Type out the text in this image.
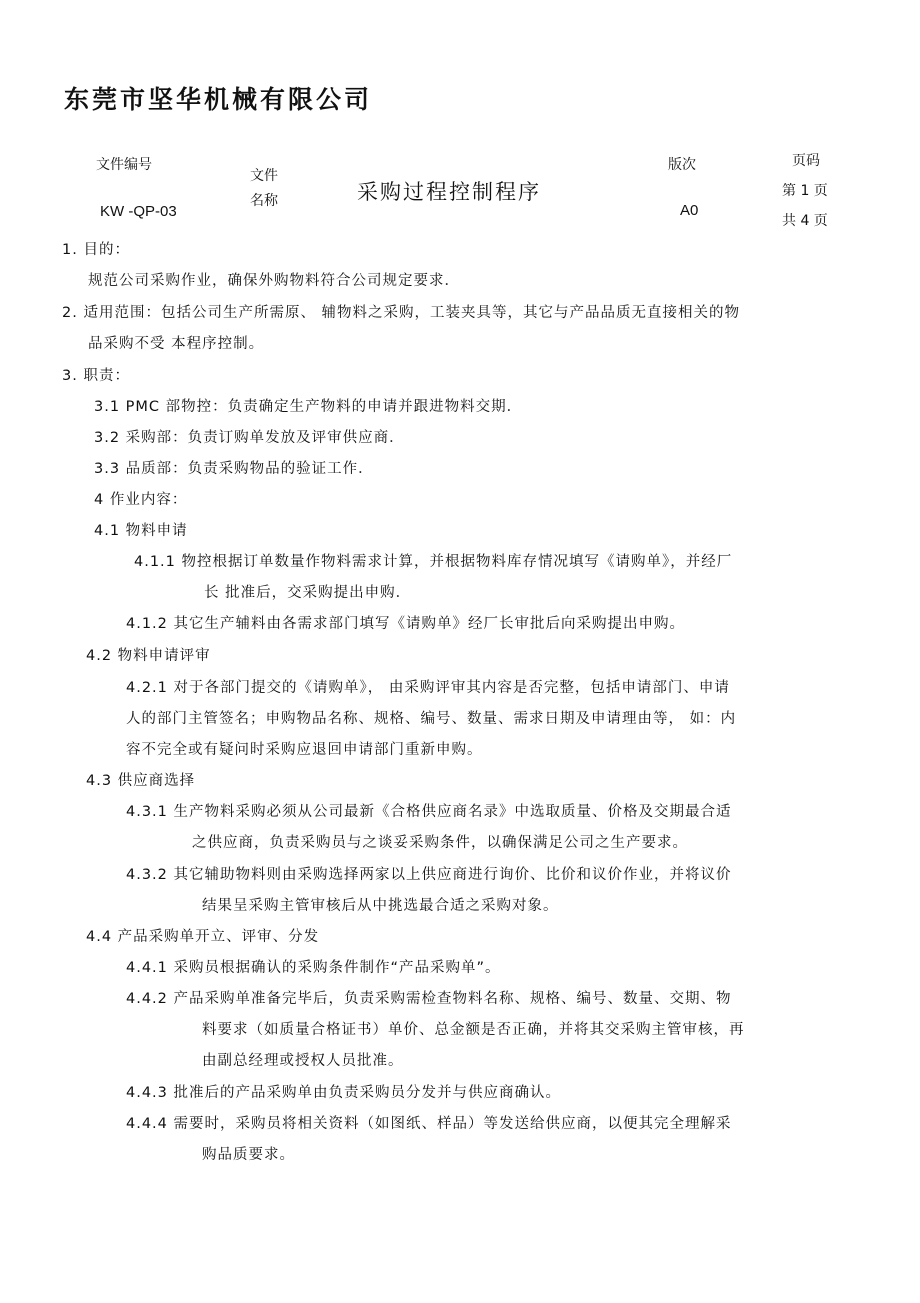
东莞市坚华机械有限公司
文件编号
KW -QP-03
文件
名称	采购过程控制程序
版次
A0
页码
第 1 页
共 4 页
1. 目的：
规范公司采购作业，确保外购物料符合公司规定要求．
2. 适用范围：包括公司生产所需原、 辅物料之采购，工装夹具等，其它与产品品质无直接相关的物
品采购不受 本程序控制。
3. 职责：
3.1 PMC 部物控：负责确定生产物料的申请并跟进物料交期．
3.2 采购部：负责订购单发放及评审供应商．
3.3 品质部：负责采购物品的验证工作．
4 作业内容：
4.1 物料申请
4.1.1 物控根据订单数量作物料需求计算，并根据物料库存情况填写《请购单》，并经厂
长 批准后，交采购提出申购．
4.1.2 其它生产辅料由各需求部门填写《请购单》经厂长审批后向采购提出申购。
4.2 物料申请评审
4.2.1 对于各部门提交的《请购单》， 由采购评审其内容是否完整，包括申请部门、申请
人的部门主管签名；申购物品名称、规格、编号、数量、需求日期及申请理由等， 如：内
容不完全或有疑问时采购应退回申请部门重新申购。
4.3 供应商选择
4.3.1 生产物料采购必须从公司最新《合格供应商名录》中选取质量、价格及交期最合适
之供应商，负责采购员与之谈妥采购条件，以确保满足公司之生产要求。
4.3.2 其它辅助物料则由采购选择两家以上供应商进行询价、比价和议价作业，并将议价
结果呈采购主管审核后从中挑选最合适之采购对象。
4.4 产品采购单开立、评审、分发
4.4.1 采购员根据确认的采购条件制作“产品采购单”。
4.4.2 产品采购单准备完毕后，负责采购需检查物料名称、规格、编号、数量、交期、物
料要求（如质量合格证书）单价、总金额是否正确，并将其交采购主管审核，再
由副总经理或授权人员批准。
4.4.3 批准后的产品采购单由负责采购员分发并与供应商确认。
4.4.4 需要时，采购员将相关资料（如图纸、样品）等发送给供应商，以便其完全理解采
购品质要求。
